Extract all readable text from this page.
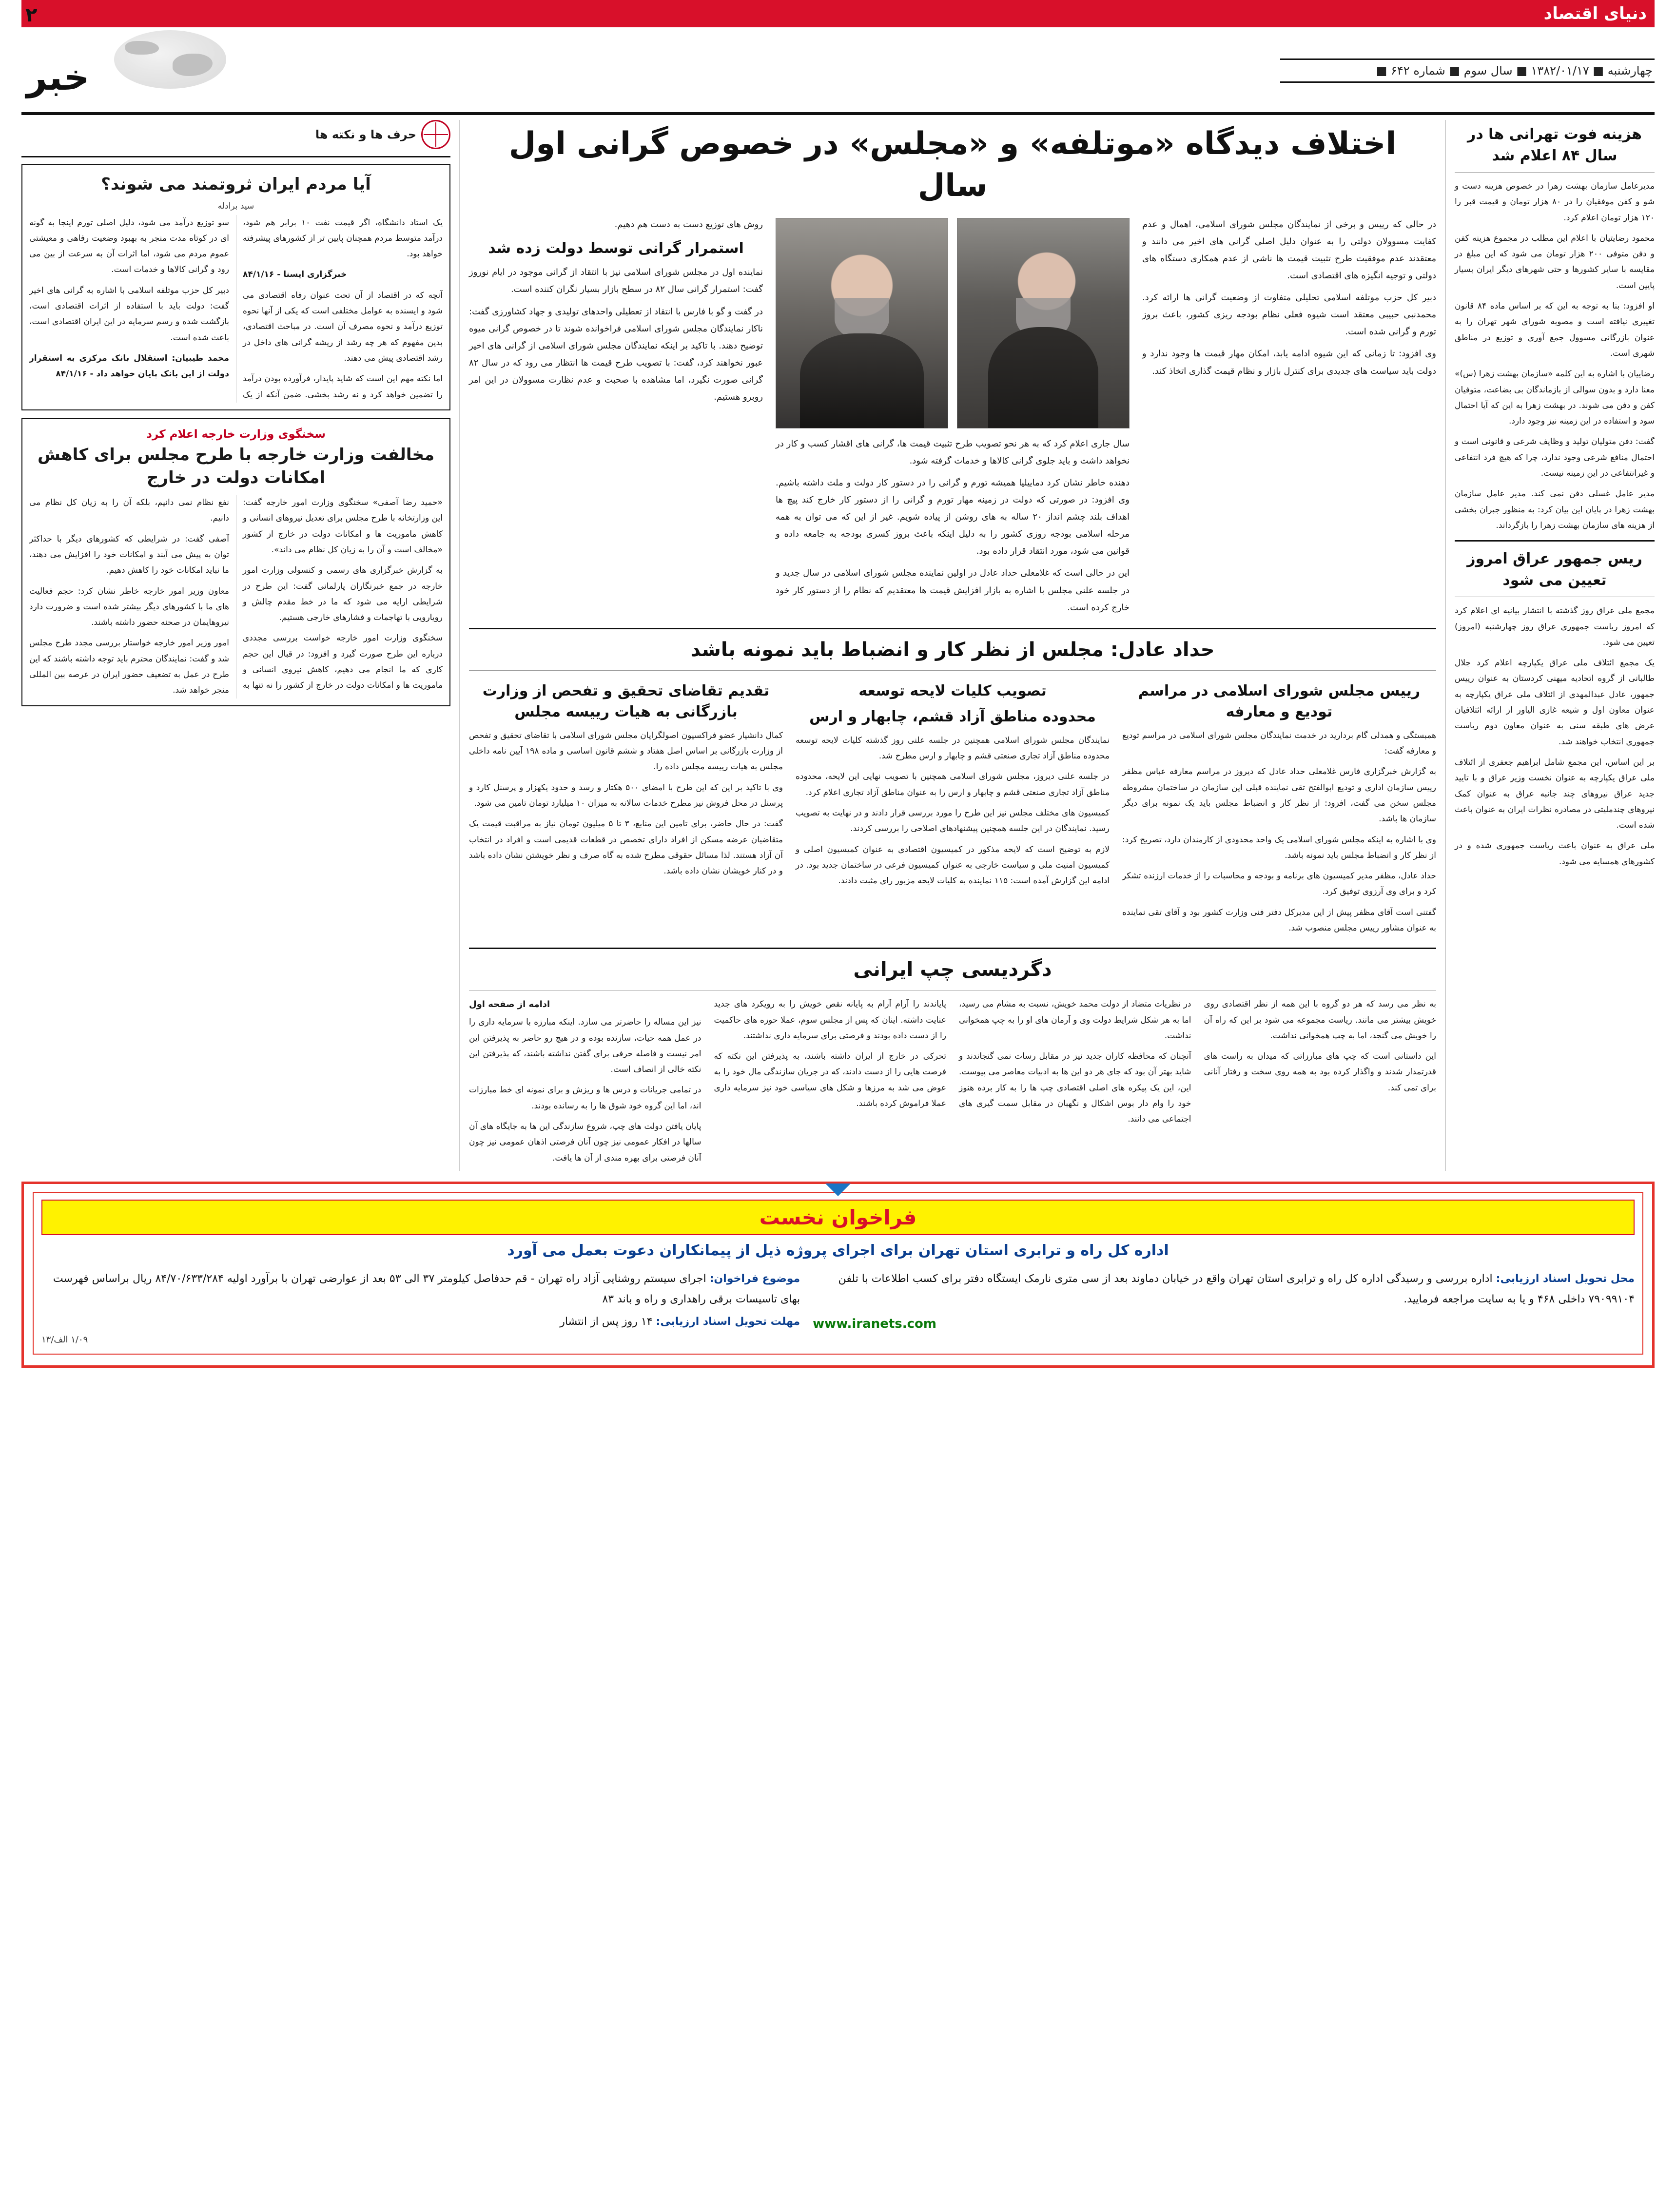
دنیای اقتصاد
چهارشنبه ■ ۱۳۸۲/۰۱/۱۷ ■ سال سوم ■ شماره ۶۴۲ ■
۲
خبر
هزینه فوت تهرانی ها در سال ۸۴ اعلام شد

مدیرعامل سازمان بهشت زهرا در خصوص هزینه دست و شو و کفن موفقیان را در ۸۰ هزار تومان و قیمت قبر را ۱۲۰ هزار تومان اعلام کرد.

محمود رضایتیان با اعلام این مطلب در مجموع هزینه کفن و دفن متوفی ۲۰۰ هزار تومان می شود که این مبلغ در مقایسه با سایر کشورها و حتی شهرهای دیگر ایران بسیار پایین است.

او افزود: بنا به توجه به این که بر اساس ماده ۸۴ قانون تغییری نیافته است و مصوبه شورای شهر تهران را به عنوان بازرگانی مسوول جمع آوری و توزیع در مناطق شهری است.

رضاییان با اشاره به این کلمه «سازمان بهشت زهرا (س)» معنا دارد و بدون سوالی از بازماندگان بی بضاعت، متوفیان کفن و دفن می شوند. در بهشت زهرا به این که آیا احتمال سود و استفاده در این زمینه نیز وجود دارد.

گفت: دفن متولیان تولید و وظایف شرعی و قانونی است و احتمال منافع شرعی وجود ندارد، چرا که هیچ فرد انتفاعی و غیرانتفاعی در این زمینه نیست.

مدیر عامل غسلی دفن نمی کند. مدیر عامل سازمان بهشت زهرا در پایان این بیان کرد: به منظور جبران بخشی از هزینه های سازمان بهشت زهرا را بازگرداند.

ریس جمهور عراق امروز تعیین می شود

مجمع ملی عراق روز گذشته با انتشار بیانیه ای اعلام کرد که امروز ریاست جمهوری عراق روز چهارشنبه (امروز) تعیین می شود.

یک مجمع ائتلاف ملی عراق یکپارچه اعلام کرد جلال طالبانی از گروه اتحادیه میهنی کردستان به عنوان رییس جمهور، عادل عبدالمهدی از ائتلاف ملی عراق یکپارچه به عنوان معاون اول و شیعه غازی الیاور از ارائه ائتلافیان عرض های طبقه سنی به عنوان معاون دوم ریاست جمهوری انتخاب خواهند شد.

بر این اساس، این مجمع شامل ابراهیم جعفری از ائتلاف ملی عراق یکپارچه به عنوان نخست وزیر عراق و با تایید جدید عراق نیروهای چند جانبه عراق به عنوان کمک نیروهای چندملیتی در مصادره نظرات ایران به عنوان باعث شده است.

ملی عراق به عنوان باعث ریاست جمهوری شده و در کشورهای همسایه می شود.

اختلاف دیدگاه «موتلفه» و «مجلس» در خصوص گرانی اول سال

در حالی که رییس و برخی از نمایندگان مجلس شورای اسلامی، اهمال و عدم کفایت مسوولان دولتی را به عنوان دلیل اصلی گرانی های اخیر می دانند و معتقدند عدم موفقیت طرح تثبیت قیمت ها ناشی از عدم همکاری دستگاه های دولتی و توجیه انگیزه های اقتصادی است.

دبیر کل حزب موتلفه اسلامی تحلیلی متفاوت از وضعیت گرانی ها ارائه کرد. محمدنبی حبیبی معتقد است شیوه فعلی نظام بودجه ریزی کشور، باعث بروز تورم و گرانی شده است.

وی افزود: تا زمانی که این شیوه ادامه یابد، امکان مهار قیمت ها وجود ندارد و دولت باید سیاست های جدیدی برای کنترل بازار و نظام قیمت گذاری اتخاذ کند.

سال جاری اعلام کرد که به هر نحو تصویب طرح تثبیت قیمت ها، گرانی های اقشار کسب و کار در نخواهد داشت و باید جلوی گرانی کالاها و خدمات گرفته شود.

دهنده خاطر نشان کرد دماییلیا همیشه تورم و گرانی را در دستور کار دولت و ملت داشته باشیم. وی افزود: در صورتی که دولت در زمینه مهار تورم و گرانی را از دستور کار خارج کند پیچ ها اهداف بلند چشم انداز ۲۰ ساله به های روشن از پیاده شویم. غیر از این که می توان به همه مرحله اسلامی بودجه روزی کشور را به دلیل اینکه باعث بروز کسری بودجه به جامعه داده و قوانین می شود، مورد انتقاد قرار داده بود.

این در حالی است که غلامعلی حداد عادل در اولین نماینده مجلس شورای اسلامی در سال جدید و در جلسه علنی مجلس با اشاره به بازار افزایش قیمت ها معتقدیم که نظام را از دستور کار خود خارج کرده است.

روش های توزیع دست به دست هم دهیم.

استمرار گرانی توسط دولت زده شد

نماینده اول در مجلس شورای اسلامی نیز با انتقاد از گرانی موجود در ایام نوروز گفت: استمرار گرانی سال ۸۲ در سطح بازار بسیار نگران کننده است.

در گفت و گو با فارس با انتقاد از تعطیلی واحدهای تولیدی و جهاد کشاورزی گفت: ناکار نمایندگان مجلس شورای اسلامی فراخوانده شوند تا در خصوص گرانی میوه توضیح دهند. با تاکید بر اینکه نمایندگان مجلس شورای اسلامی از گرانی های اخیر عبور نخواهند کرد، گفت: با تصویب طرح قیمت ها انتظار می رود که در سال ۸۲ گرانی صورت نگیرد، اما مشاهده با صحبت و عدم نظارت مسوولان در این امر روبرو هستیم.

حداد عادل: مجلس از نظر کار و انضباط باید نمونه باشد
رییس مجلس شورای اسلامی در مراسم تودیع و معارفه

همبستگی و همدلی گام بردارید در خدمت نمایندگان مجلس شورای اسلامی در مراسم تودیع و معارفه گفت:

به گزارش خبرگزاری فارس غلامعلی حداد عادل که دیروز در مراسم معارفه عباس مظفر رییس سازمان اداری و تودیع ابوالفتح تقی نماینده قبلی این سازمان در ساختمان مشروطه مجلس سخن می گفت، افزود: از نظر کار و انضباط مجلس باید یک نمونه برای دیگر سازمان ها باشد.

وی با اشاره به اینکه مجلس شورای اسلامی یک واحد محدودی از کارمندان دارد، تصریح کرد: از نظر کار و انضباط مجلس باید نمونه باشد.

حداد عادل، مظفر مدیر کمیسیون های برنامه و بودجه و محاسبات را از خدمات ارزنده تشکر کرد و برای وی آرزوی توفیق کرد.

گفتنی است آقای مظفر پیش از این مدیرکل دفتر فنی وزارت کشور بود و آقای تقی نماینده به عنوان مشاور رییس مجلس منصوب شد.

تصویب کلیات لایحه توسعه
محدوده مناطق آزاد قشم، چابهار و ارس

نمایندگان مجلس شورای اسلامی همچنین در جلسه علنی روز گذشته کلیات لایحه توسعه محدوده مناطق آزاد تجاری صنعتی قشم و چابهار و ارس مطرح شد.

در جلسه علنی دیروز، مجلس شورای اسلامی همچنین با تصویب نهایی این لایحه، محدوده مناطق آزاد تجاری صنعتی قشم و چابهار و ارس را به عنوان مناطق آزاد تجاری اعلام کرد.

کمیسیون های مختلف مجلس نیز این طرح را مورد بررسی قرار دادند و در نهایت به تصویب رسید. نمایندگان در این جلسه همچنین پیشنهادهای اصلاحی را بررسی کردند.

لازم به توضیح است که لایحه مذکور در کمیسیون اقتصادی به عنوان کمیسیون اصلی و کمیسیون امنیت ملی و سیاست خارجی به عنوان کمیسیون فرعی در ساختمان جدید بود. در ادامه این گزارش آمده است: ۱۱۵ نماینده به کلیات لایحه مزبور رای مثبت دادند.

تقدیم تقاضای تحقیق و تفحص از وزارت بازرگانی به هیات رییسه مجلس

کمال دانشیار عضو فراکسیون اصولگرایان مجلس شورای اسلامی با تقاضای تحقیق و تفحص از وزارت بازرگانی بر اساس اصل هفتاد و ششم قانون اساسی و ماده ۱۹۸ آیین نامه داخلی مجلس به هیات رییسه مجلس داده را.

وی با تاکید بر این که این طرح با امضای ۵۰۰ هکتار و رسد و حدود یکهزار و پرسنل کارد و پرسنل در محل فروش نیز مطرح خدمات سالانه به میزان ۱۰ میلیارد تومان تامین می شود.

گفت: در حال حاضر، برای تامین این منابع، ۳ تا ۵ میلیون تومان نیاز به مراقبت قیمت یک متقاضیان عرضه مسکن از افراد دارای تخصص در قطعات قدیمی است و افراد در انتخاب آن آزاد هستند. لذا مسائل حقوقی مطرح شده به گاه صرف و نظر خویشتن نشان داده باشد و در کنار خویشان نشان داده باشد.

دگردیسی چپ ایرانی

به نظر می رسد که هر دو گروه با این همه از نظر اقتصادی روی خویش بیشتر می مانند. ریاست مجموعه می شود بر این که راه آن را خویش می گنجد، اما به چپ همخوانی نداشت.

این داستانی است که چپ های مبارزاتی که میدان به راست های قدرتمدار شدند و واگذار کرده بود به همه روی سخت و رفتار آنانی برای تمی کند.

در نظریات متضاد از دولت محمد خویش، نسبت به مشام می رسید، اما به هر شکل شرایط دولت وی و آرمان های او را به چپ همخوانی نداشت.

آنچنان که محافظه کاران جدید نیز در مقابل رسات نمی گنجاندند و شاید بهتر آن بود که جای هر دو این ها به ادبیات معاصر می پیوست. این، این یک پیکره های اصلی اقتصادی چپ ها را به کار برده هنوز خود را وام دار بوس اشکال و نگهبان در مقابل سمت گیری های اجتماعی می دانند.

پایاندند را آرام آرام به پایانه نقص خویش را به رویکرد های جدید عنایت داشته. اینان که پس از مجلس سوم، عملا حوزه های حاکمیت را از دست داده بودند و فرصتی برای سرمایه داری نداشتند.

تحرکی در خارج از ایران داشته باشند، به پذیرفتن این نکته که فرصت هایی را از دست دادند، که در جریان سازندگی مال خود را به عوض می شد به مرزها و شکل های سیاسی خود نیز سرمایه داری عملا فراموش کرده باشند.

ادامه از صفحه اول

نیز این مساله را حاضرتر می سازد. اینکه مبارزه با سرمایه داری را در عمل همه حیات، سازنده بوده و در هیچ رو حاضر به پذیرفتن این امر نیست و فاصله حرفی برای گفتن نداشته باشند، که پذیرفتن این نکته خالی از انصاف است.

در تمامی جریانات و درس ها و ریزش و برای نمونه ای خط مبارزات اند، اما این گروه خود شوق ها را به رسانده بودند.

پایان یافتن دولت های چپ، شروع سازندگی این ها به جایگاه های آن سالها در افکار عمومی نیز چون آنان فرصتی اذهان عمومی نیز چون آنان فرصتی برای بهره مندی از آن ها یافت.

حرف ها و نکته ها
آیا مردم ایران ثروتمند می شوند؟
سید برادله

یک استاد دانشگاه، اگر قیمت نفت ۱۰ برابر هم شود، درآمد متوسط مردم همچنان پایین تر از کشورهای پیشرفته خواهد بود.

خبرگزاری ایسنا - ۸۴/۱/۱۶

آنچه که در اقتصاد از آن تحت عنوان رفاه اقتصادی می شود و ایسنده به عوامل مختلفی است که یکی از آنها نحوه توزیع درآمد و نحوه مصرف آن است. در مباحث اقتصادی، بدین مفهوم که هر چه رشد از ریشه گرانی های داخل در رشد اقتصادی پیش می دهند.

اما نکته مهم این است که شاید پایدار، فرآورده بودن درآمد را تضمین خواهد کرد و نه رشد بخشی. ضمن آنکه از یک سو توزیع درآمد می شود، دلیل اصلی تورم اینجا به گونه ای در کوتاه مدت منجر به بهبود وضعیت رفاهی و معیشتی عموم مردم می شود، اما اثرات آن به سرعت از بین می رود و گرانی کالاها و خدمات است.

دبیر کل حزب موتلفه اسلامی با اشاره به گرانی های اخیر گفت: دولت باید با استفاده از اثرات اقتصادی است، بازگشت شده و رسم سرمایه در این ایران اقتصادی است، باعث شده است.

محمد طیبیان: استقلال بانک مرکزی به استقرار دولت از این بانک پایان خواهد داد - ۸۴/۱/۱۶

سخنگوی وزارت خارجه اعلام کرد
مخالفت وزارت خارجه با طرح مجلس برای کاهش امکانات دولت در خارج

«حمید رضا آصفی» سخنگوی وزارت امور خارجه گفت: این وزارتخانه با طرح مجلس برای تعدیل نیروهای انسانی و کاهش ماموریت ها و امکانات دولت در خارج از کشور «مخالف است و آن را به زیان کل نظام می داند».

به گزارش خبرگزاری های رسمی و کنسولی وزارت امور خارجه در جمع خبرنگاران پارلمانی گفت: این طرح در شرایطی ارایه می شود که ما در خط مقدم چالش و رویارویی با تهاجمات و فشارهای خارجی هستیم.

سخنگوی وزارت امور خارجه خواست بررسی مجددی درباره این طرح صورت گیرد و افزود: در قبال این حجم کاری که ما انجام می دهیم، کاهش نیروی انسانی و ماموریت ها و امکانات دولت در خارج از کشور را نه تنها به نفع نظام نمی دانیم، بلکه آن را به زیان کل نظام می دانیم.

آصفی گفت: در شرایطی که کشورهای دیگر با حداکثر توان به پیش می آیند و امکانات خود را افزایش می دهند، ما نباید امکانات خود را کاهش دهیم.

معاون وزیر امور خارجه خاطر نشان کرد: حجم فعالیت های ما با کشورهای دیگر بیشتر شده است و ضرورت دارد نیروهایمان در صحنه حضور داشته باشند.

امور وزیر امور خارجه خواستار بررسی مجدد طرح مجلس شد و گفت: نمایندگان محترم باید توجه داشته باشند که این طرح در عمل به تضعیف حضور ایران در عرصه بین المللی منجر خواهد شد.

فراخوان نخست
اداره کل راه و ترابری استان تهران برای اجرای پروژه ذیل از پیمانکاران دعوت بعمل می آورد
محل تحویل اسناد ارزیابی: اداره بررسی و رسیدگی اداره کل راه و ترابری استان تهران واقع در خیابان دماوند بعد از سی متری نارمک ایستگاه دفتر برای کسب اطلاعات با تلفن ۷۹۰۹۹۱۰۴ داخلی ۴۶۸ و یا به سایت مراجعه فرمایید.
www.iranets.com
موضوع فراخوان: اجرای سیستم روشنایی آزاد راه تهران - قم حدفاصل کیلومتر ۳۷ الی ۵۳ بعد از عوارضی تهران با برآورد اولیه ۸۴/۷۰/۶۳۳/۲۸۴ ریال براساس فهرست بهای تاسیسات برقی راهداری و راه و باند ۸۳
مهلت تحویل اسناد ارزیابی: ۱۴ روز پس از انتشار
۱/۰۹ الف/۱۳
